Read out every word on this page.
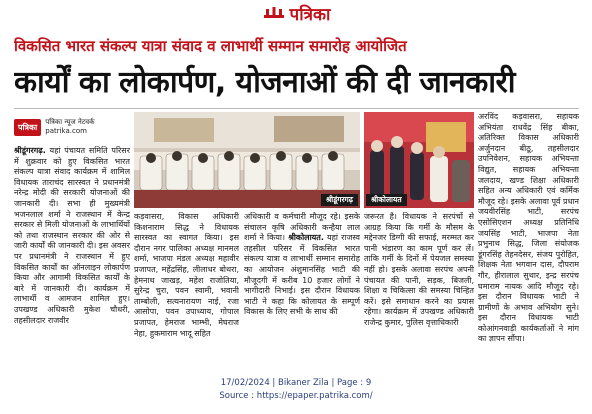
पत्रिका
विकसित भारत संकल्प यात्रा संवाद व लाभार्थी सम्मान समारोह आयोजित
कार्यों का लोकार्पण, योजनाओं की दी जानकारी
पत्रिका
पत्रिका न्यूज नेटवर्क
patrika.com
श्रीडूंगरगढ़. यहां पंचायत समिति परिसर में शुक्रवार को हुए विकसित भारत संकल्प यात्रा संवाद कार्यक्रम में शामिल विधायक ताराचंद सारस्वत ने प्रधानमंत्री नरेन्द्र मोदी की सरकारी योजनाओं की जानकारी दी। सभा ही मुख्यमंत्री भजनलाल शर्मा ने राजस्थान में केन्द्र सरकार से मिली योजनाओं के लाभार्थियों को तथा राजस्थान सरकार की ओर से जारी कार्यों की जानकारी दी। इस अवसर पर प्रधानमंत्री ने राजस्थान में हुए विकसित कार्यों का ऑनलाइन लोकार्पण किया और आगामी विकसित कार्यों के बारे में जानकारी दी। कार्यक्रम में लाभार्थी व आमजन शामिल हुए। उपखण्ड अधिकारी मुकेश चौधरी, तहसीलदार राजवीर
श्रीडूंगरगढ़
कड़वासरा, विकास अधिकारी किशनाराम सिद्ध ने विधायक सारस्वत का स्वागत किया। इस दौरान नगर पालिका अध्यक्ष मानमल शर्मा, भाजपा मंडल अध्यक्ष महावीर प्रजापत, महेंद्रसिंह, लीलाधर बोथरा, हेमनाथ जाखड़, महेश राजोतिया, सुरेन्द्र चुरा, पवन स्वामी, भवानी ताम्बोली, सत्यनारायण नाई, रजा आसोपा, पवन उपाध्याय, गोपाल प्रजापत, हेमराज भाम्भी, मेघराज नेहा, हुकमाराम भादू सहित
अधिकारी व कर्मचारी मौजूद रहे। इसके संचालन कृषि अधिकारी कन्हैया लाल शर्मा ने किया। श्रीकोलायत. यहां राजस्व तहसील परिसर में विकसित भारत संकल्प यात्रा व लाभार्थी सम्मान समारोह का आयोजन अंशुमानसिंह भाटी की मौजूदगी में करीब 10 हजार लोगों ने भागीदारी निभाई। इस दौरान विधायक भाटी ने कहा कि कोलायत के सम्पूर्ण विकास के लिए सभी के साथ की
श्रीकोलायत
जरूरत है। विधायक ने सरपंचों से आग्रह किया कि गर्मी के मौसम के मद्देनजर डिग्गी की सफाई, मरम्मत कर पानी भंडारण का काम पूर्ण कर लें। ताकि गर्मी के दिनों में पेयजल समस्या नहीं हो। इसके अलावा सरपंच अपनी पंचायत की पानी, सड़क, बिजली, शिक्षा व चिकित्सा की समस्या चिन्हित करें। इसे समाधान करने का प्रयास रहेगा। कार्यक्रम में उपखण्ड अधिकारी राजेन्द्र कुमार, पुलिस वृत्ताधिकारी
अरविंद कड़वासरा, सहायक अभियंता राधवेंद्र सिंह बीका, अतिरिक्त विकास अधिकारी अर्जुनदान बीठू, तहसीलदार उपनिवेशन, सहायक अभियन्ता विद्युत, सहायक अभियन्ता जलदाय, खण्ड शिक्षा अधिकारी सहित अन्य अधिकारी एवं कर्मिक मौजूद रहे। इसके अलावा पूर्व प्रधान जयवीरसिंह भाटी, सरपंच एसोसिएशन अध्यक्ष प्रतिनिधि जयसिंह भाटी, भाजपा नेता प्रभुनाथ सिद्ध, जिला संयोजक डूंगरसिंह तेहनदेसर, संजय पुरोहित, शिक्षक नेता भगवान दास, दौपराम गौर, हीरालाल सुथार, इन्द्र सरपंच घमाराम नायक आदि मौजूद रहे। इस दौरान विधायक भाटी ने ग्रामीणों के अभाव अभियोग सुने। इस दौरान विधायक भाटी कोआंगनवाड़ी कार्यकर्ताओं ने मांग का ज्ञापन सौंपा।
17/02/2024 | Bikaner Zila | Page : 9
Source : https://epaper.patrika.com/
